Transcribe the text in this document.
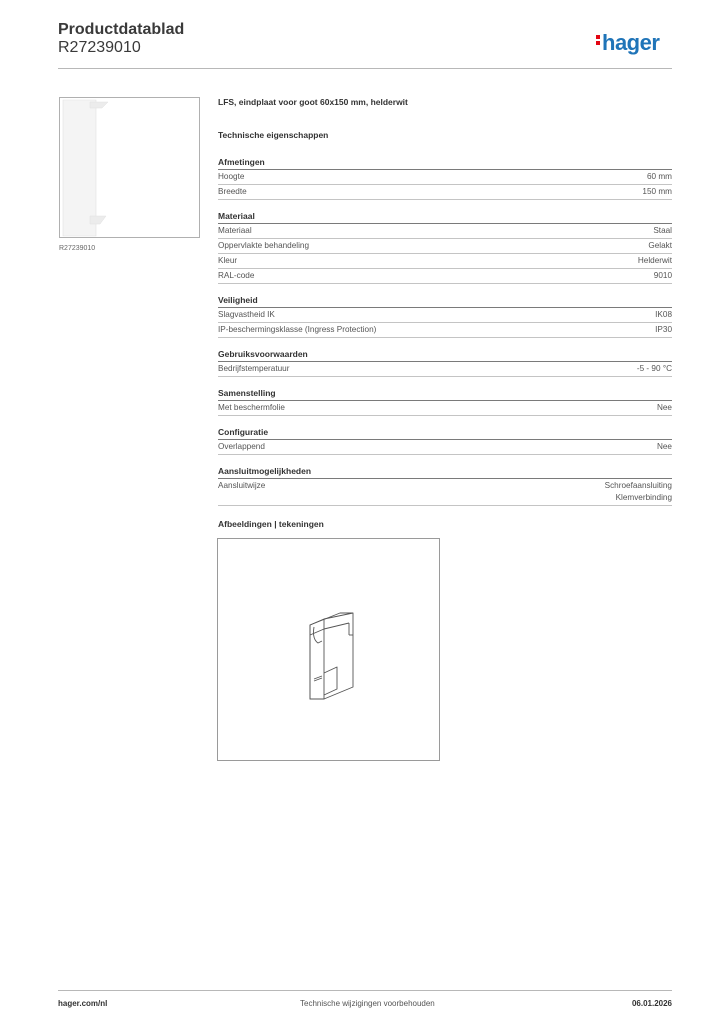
Productdatablad
R27239010	hager
R27239010
LFS, eindplaat voor goot 60x150 mm, helderwit
Technische eigenschappen
Afmetingen
Hoogte	60 mm
Breedte	150 mm
Materiaal
Materiaal	Staal
Oppervlakte behandeling	Gelakt
Kleur	Helderwit
RAL-code	9010
Veiligheid
Slagvastheid IK	IK08
IP-beschermingsklasse (Ingress Protection)	IP30
Gebruiksvoorwaarden
Bedrijfstemperatuur	-5 - 90 °C
Samenstelling
Met beschermfolie	Nee
Configuratie
Overlappend	Nee
Aansluitmogelijkheden
Aansluitwijze	Schroefaansluiting
Klemverbinding
Afbeeldingen | tekeningen
hager.com/nl	Technische wijzigingen voorbehouden	06.01.2026
